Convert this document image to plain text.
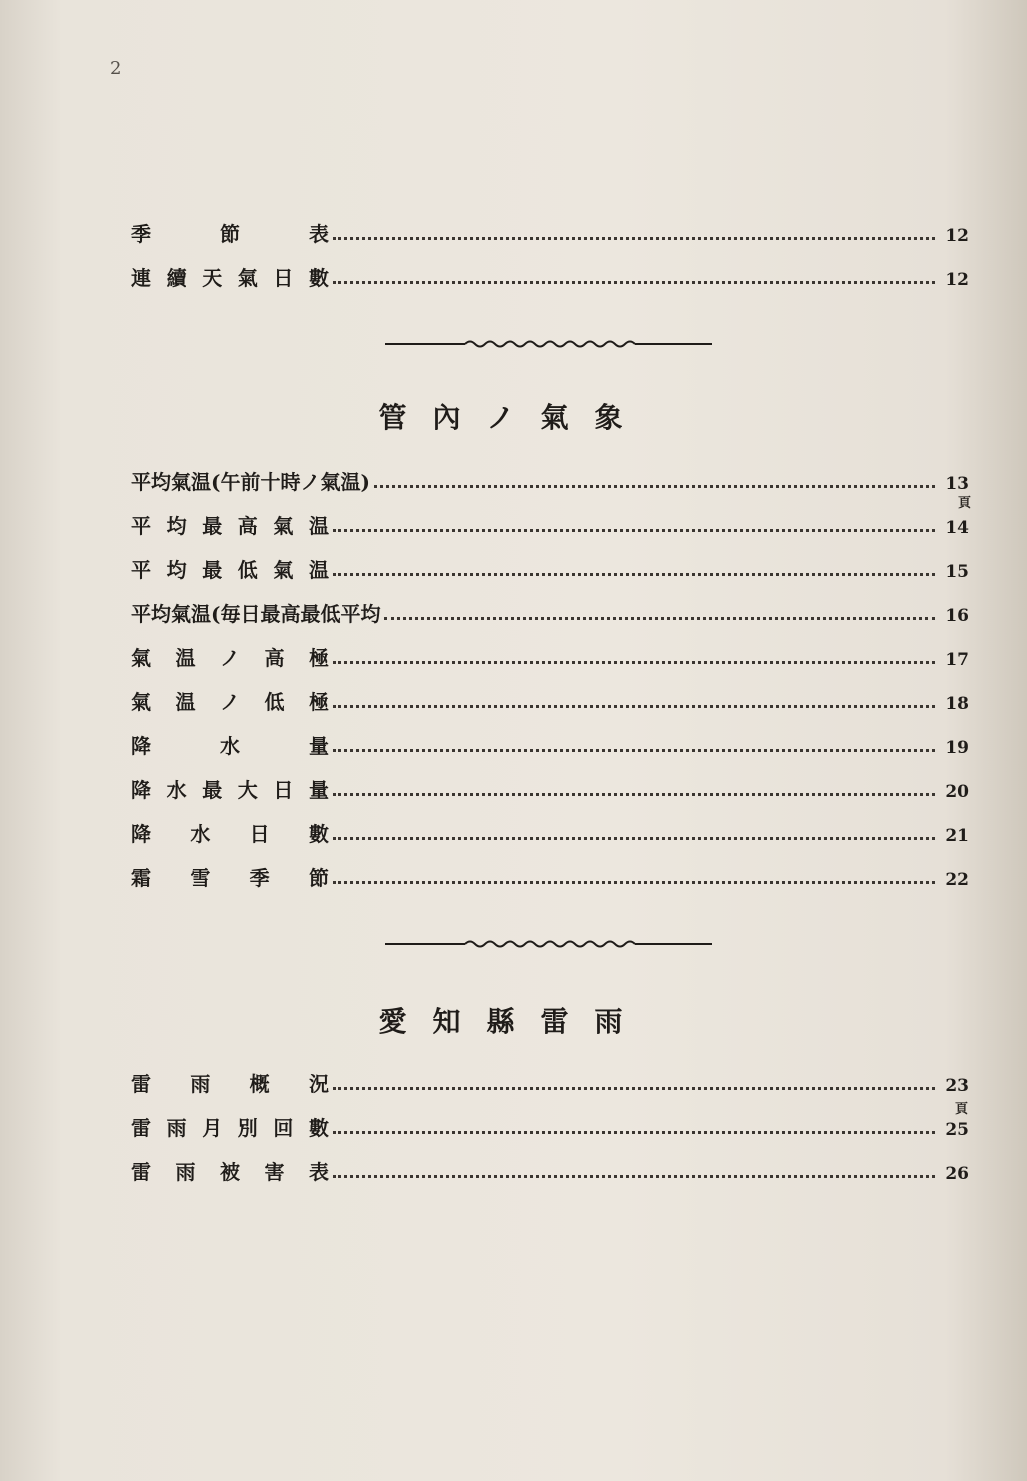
2
季	節	表	12
連 續 天 氣 日 數	12
管內ノ氣象
頁
平均氣温(午前十時ノ氣温)	13
平 均 最 高 氣 温	14
平 均 最 低 氣 温	15
平均氣温(毎日最高最低平均	16
氣 温 ノ 高 極	17
氣 温 ノ 低 極	18
降	水	量	19
降 水 最 大 日 量	20
降 水 日 數	21
霜 雪 季 節	22
愛知縣雷雨
頁
雷 雨 概 況	23
雷 雨 月 別 回 數	25
雷 雨 被 害 表	26
